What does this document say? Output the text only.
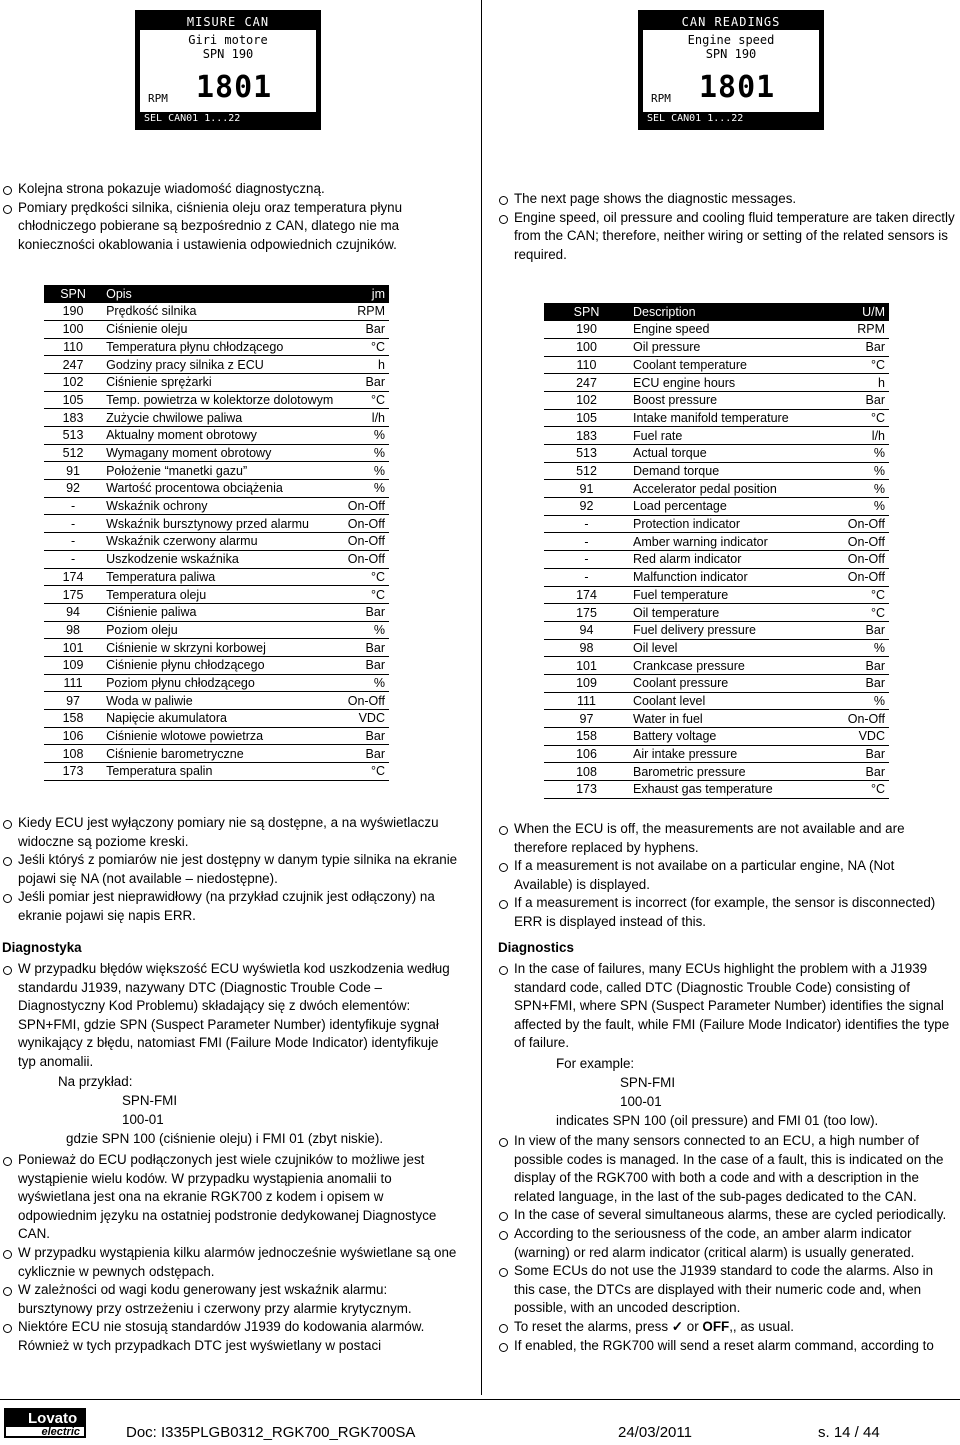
MISURE CAN
Giri motore
SPN 190
1801
RPM
SEL CAN01 1...22
Kolejna strona pokazuje wiadomość diagnostyczną.
Pomiary prędkości silnika, ciśnienia oleju oraz temperatura płynu chłodniczego pobierane są bezpośrednio z CAN, dlatego nie ma konieczności okablowania i ustawienia odpowiednich czujników.
SPN	Opis	jm
190	Prędkość silnika	RPM
100	Ciśnienie oleju	Bar
110	Temperatura płynu chłodzącego	°C
247	Godziny pracy silnika z ECU	h
102	Ciśnienie sprężarki	Bar
105	Temp. powietrza w kolektorze dolotowym	°C
183	Zużycie chwilowe paliwa	l/h
513	Aktualny moment obrotowy	%
512	Wymagany moment obrotowy	%
91	Położenie “manetki gazu”	%
92	Wartość procentowa obciążenia	%
-	Wskaźnik ochrony	On-Off
-	Wskaźnik bursztynowy przed alarmu	On-Off
-	Wskaźnik czerwony alarmu	On-Off
-	Uszkodzenie wskaźnika	On-Off
174	Temperatura paliwa	°C
175	Temperatura oleju	°C
94	Ciśnienie paliwa	Bar
98	Poziom oleju	%
101	Ciśnienie w skrzyni korbowej	Bar
109	Ciśnienie płynu chłodzącego	Bar
111	Poziom płynu chłodzącego	%
97	Woda w paliwie	On-Off
158	Napięcie akumulatora	VDC
106	Ciśnienie wlotowe powietrza	Bar
108	Ciśnienie barometryczne	Bar
173	Temperatura spalin	°C
Kiedy ECU jest wyłączony pomiary nie są dostępne, a na wyświetlaczu widoczne są poziome kreski.
Jeśli któryś z pomiarów nie jest dostępny w danym typie silnika na ekranie pojawi się NA (not available – niedostępne).
Jeśli pomiar jest nieprawidłowy (na przykład czujnik jest odłączony) na ekranie pojawi się napis ERR.
Diagnostyka
W przypadku błędów większość ECU wyświetla kod uszkodzenia według standardu J1939, nazywany DTC (Diagnostic Trouble Code – Diagnostyczny Kod Problemu) składający się z dwóch elementów: SPN+FMI, gdzie SPN (Suspect Parameter Number) identyfikuje sygnał wynikający z błędu, natomiast FMI (Failure Mode Indicator) identyfikuje typ anomalii.
Na przykład:
SPN-FMI
100-01
gdzie SPN 100 (ciśnienie oleju) i FMI 01 (zbyt niskie).
Ponieważ do ECU podłączonych jest wiele czujników to możliwe jest wystąpienie wielu kodów. W przypadku wystąpienia anomalii to wyświetlana jest ona na ekranie RGK700 z kodem i opisem w odpowiednim języku na ostatniej podstronie dedykowanej Diagnostyce CAN.
W przypadku wystąpienia kilku alarmów jednocześnie wyświetlane są one cyklicznie w pewnych odstępach.
W zależności od wagi kodu generowany jest wskaźnik alarmu: bursztynowy przy ostrzeżeniu i czerwony przy alarmie krytycznym.
Niektóre ECU nie stosują standardów J1939 do kodowania alarmów. Również w tych przypadkach DTC jest wyświetlany w postaci
CAN READINGS
Engine speed
SPN 190
1801
RPM
SEL CAN01 1...22
The next page shows the diagnostic messages.
Engine speed, oil pressure and cooling fluid temperature are taken directly from the CAN; therefore, neither wiring or setting of the related sensors is required.
SPN	Description	U/M
190	Engine speed	RPM
100	Oil pressure	Bar
110	Coolant temperature	°C
247	ECU engine hours	h
102	Boost pressure	Bar
105	Intake manifold temperature	°C
183	Fuel rate	l/h
513	Actual torque	%
512	Demand torque	%
91	Accelerator pedal position	%
92	Load percentage	%
-	Protection indicator	On-Off
-	Amber warning indicator	On-Off
-	Red alarm indicator	On-Off
-	Malfunction indicator	On-Off
174	Fuel temperature	°C
175	Oil temperature	°C
94	Fuel delivery pressure	Bar
98	Oil level	%
101	Crankcase pressure	Bar
109	Coolant pressure	Bar
111	Coolant level	%
97	Water in fuel	On-Off
158	Battery voltage	VDC
106	Air intake pressure	Bar
108	Barometric pressure	Bar
173	Exhaust gas temperature	°C
When the ECU is off, the measurements are not available and are therefore replaced by hyphens.
If a measurement is not availabe on a particular engine, NA (Not Available) is displayed.
If a measurement is incorrect (for example, the sensor is disconnected) ERR is displayed instead of this.
Diagnostics
In the case of failures, many ECUs highlight the problem with a J1939 standard code, called DTC (Diagnostic Trouble Code) consisting of SPN+FMI, where SPN (Suspect Parameter Number) identifies the signal affected by the fault, while FMI (Failure Mode Indicator) identifies the type of failure.
For example:
SPN-FMI
100-01
indicates SPN 100 (oil pressure) and FMI 01 (too low).
In view of the many sensors connected to an ECU, a high number of possible codes is managed. In the case of a fault, this is indicated on the display of the RGK700 with both a code and with a description in the related language, in the last of the sub-pages dedicated to the CAN.
In the case of several simultaneous alarms, these are cycled periodically.
According to the seriousness of the code, an amber alarm indicator (warning) or red alarm indicator (critical alarm) is usually generated.
Some ECUs do not use the J1939 standard to code the alarms. Also in this case, the DTCs are displayed with their numeric code and, when possible, with an uncoded description.
To reset the alarms, press ✓ or OFF,, as usual.
If enabled, the RGK700 will send a reset alarm command, according to
Lovato
electric	Doc: I335PLGB0312_RGK700_RGK700SA	24/03/2011	s. 14 / 44
